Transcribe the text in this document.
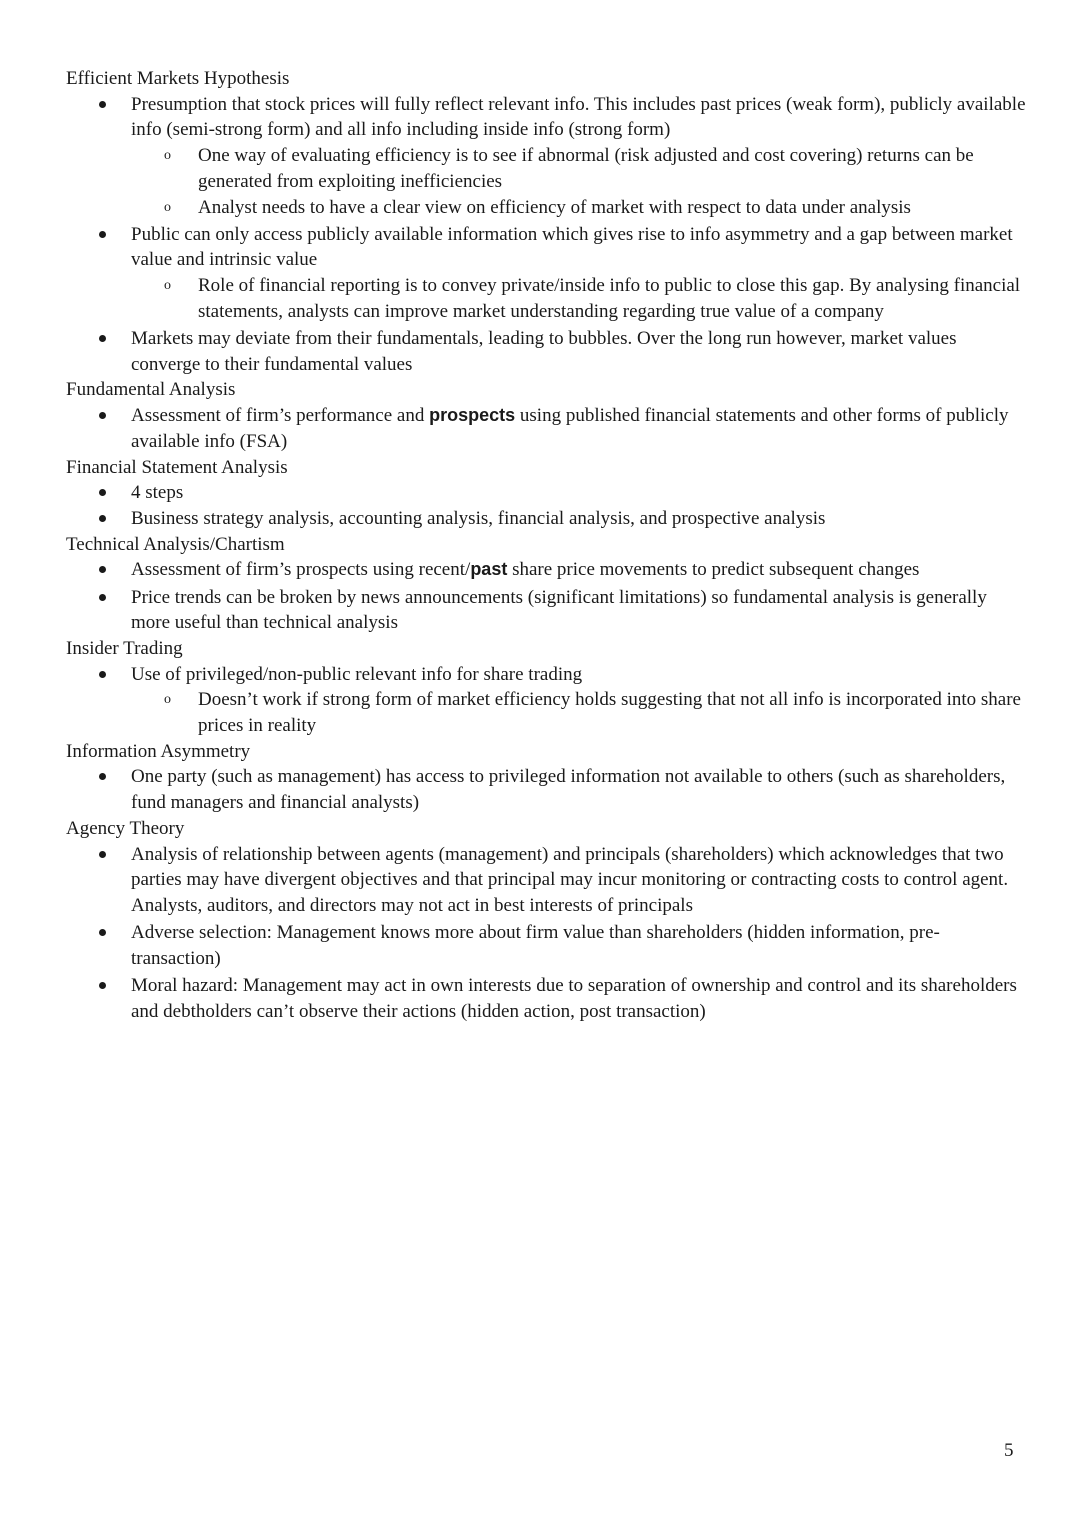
Efficient Markets Hypothesis
Presumption that stock prices will fully reflect relevant info. This includes past prices (weak form), publicly available info (semi-strong form) and all info including inside info (strong form)
o One way of evaluating efficiency is to see if abnormal (risk adjusted and cost covering) returns can be generated from exploiting inefficiencies
o Analyst needs to have a clear view on efficiency of market with respect to data under analysis
Public can only access publicly available information which gives rise to info asymmetry and a gap between market value and intrinsic value
o Role of financial reporting is to convey private/inside info to public to close this gap. By analysing financial statements, analysts can improve market understanding regarding true value of a company
Markets may deviate from their fundamentals, leading to bubbles. Over the long run however, market values converge to their fundamental values
Fundamental Analysis
Assessment of firm’s performance and prospects using published financial statements and other forms of publicly available info (FSA)
Financial Statement Analysis
4 steps
Business strategy analysis, accounting analysis, financial analysis, and prospective analysis
Technical Analysis/Chartism
Assessment of firm’s prospects using recent/past share price movements to predict subsequent changes
Price trends can be broken by news announcements (significant limitations) so fundamental analysis is generally more useful than technical analysis
Insider Trading
Use of privileged/non-public relevant info for share trading
o Doesn’t work if strong form of market efficiency holds suggesting that not all info is incorporated into share prices in reality
Information Asymmetry
One party (such as management) has access to privileged information not available to others (such as shareholders, fund managers and financial analysts)
Agency Theory
Analysis of relationship between agents (management) and principals (shareholders) which acknowledges that two parties may have divergent objectives and that principal may incur monitoring or contracting costs to control agent. Analysts, auditors, and directors may not act in best interests of principals
Adverse selection: Management knows more about firm value than shareholders (hidden information, pre-transaction)
Moral hazard: Management may act in own interests due to separation of ownership and control and its shareholders and debtholders can’t observe their actions (hidden action, post transaction)
5
